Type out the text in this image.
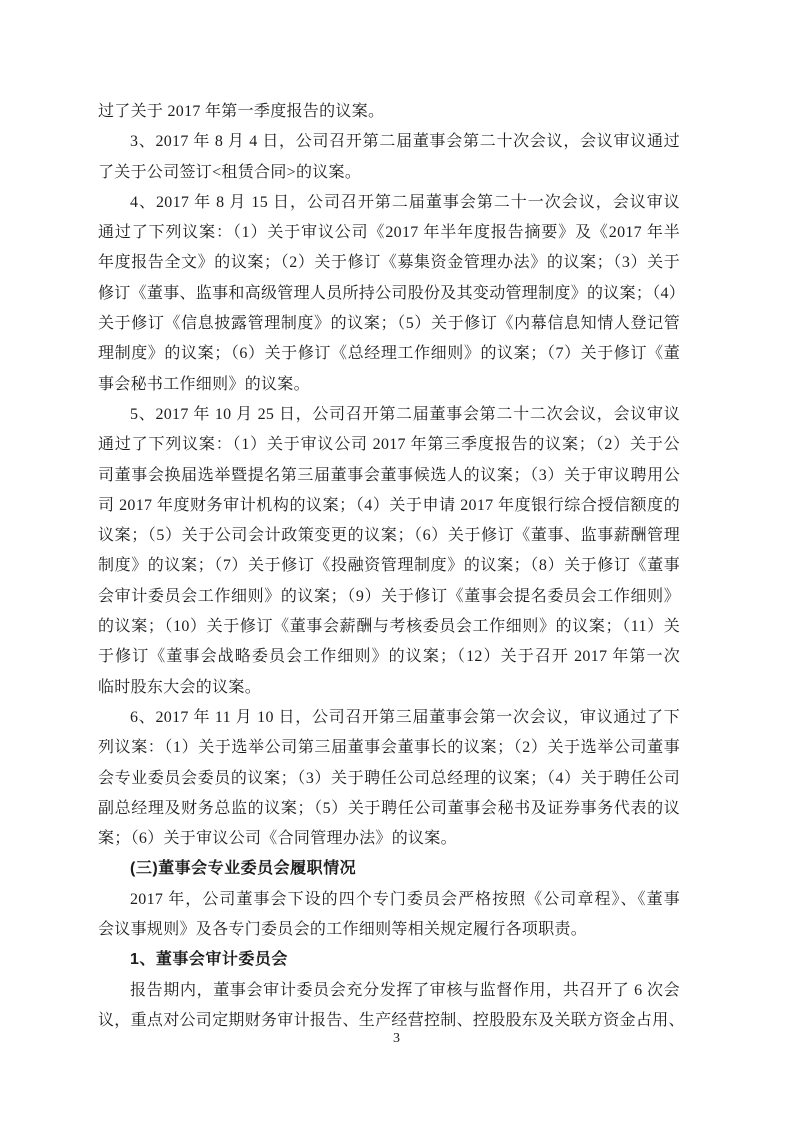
过了关于 2017 年第一季度报告的议案。
3、2017 年 8 月 4 日，公司召开第二届董事会第二十次会议，会议审议通过
了关于公司签订<租赁合同>的议案。
4、2017 年 8 月 15 日，公司召开第二届董事会第二十一次会议，会议审议
通过了下列议案：（1）关于审议公司《2017 年半年度报告摘要》及《2017 年半
年度报告全文》的议案；（2）关于修订《募集资金管理办法》的议案；（3）关于
修订《董事、监事和高级管理人员所持公司股份及其变动管理制度》的议案；（4）
关于修订《信息披露管理制度》的议案；（5）关于修订《内幕信息知情人登记管
理制度》的议案；（6）关于修订《总经理工作细则》的议案；（7）关于修订《董
事会秘书工作细则》的议案。
5、2017 年 10 月 25 日，公司召开第二届董事会第二十二次会议，会议审议
通过了下列议案：（1）关于审议公司 2017 年第三季度报告的议案；（2）关于公
司董事会换届选举暨提名第三届董事会董事候选人的议案；（3）关于审议聘用公
司 2017 年度财务审计机构的议案；（4）关于申请 2017 年度银行综合授信额度的
议案；（5）关于公司会计政策变更的议案；（6）关于修订《董事、监事薪酬管理
制度》的议案；（7）关于修订《投融资管理制度》的议案；（8）关于修订《董事
会审计委员会工作细则》的议案；（9）关于修订《董事会提名委员会工作细则》
的议案；（10）关于修订《董事会薪酬与考核委员会工作细则》的议案；（11）关
于修订《董事会战略委员会工作细则》的议案；（12）关于召开 2017 年第一次
临时股东大会的议案。
6、2017 年 11 月 10 日，公司召开第三届董事会第一次会议，审议通过了下
列议案：（1）关于选举公司第三届董事会董事长的议案；（2）关于选举公司董事
会专业委员会委员的议案；（3）关于聘任公司总经理的议案；（4）关于聘任公司
副总经理及财务总监的议案；（5）关于聘任公司董事会秘书及证券事务代表的议
案；（6）关于审议公司《合同管理办法》的议案。
(三)董事会专业委员会履职情况
2017 年，公司董事会下设的四个专门委员会严格按照《公司章程》、《董事
会议事规则》及各专门委员会的工作细则等相关规定履行各项职责。
1、董事会审计委员会
报告期内，董事会审计委员会充分发挥了审核与监督作用，共召开了 6 次会
议，重点对公司定期财务审计报告、生产经营控制、控股股东及关联方资金占用、
3
